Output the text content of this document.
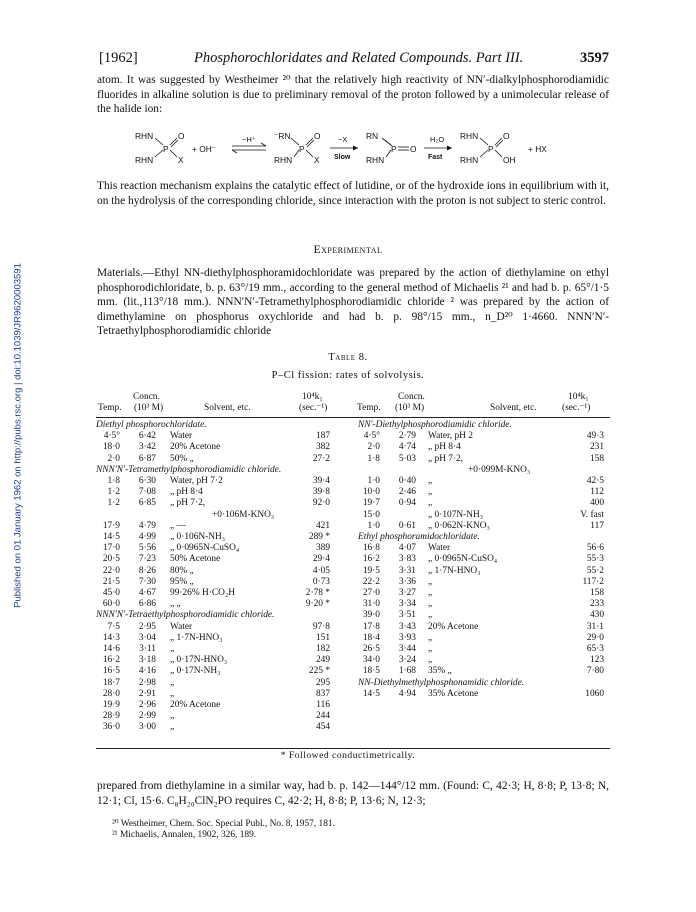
Published on 01 January 1962 on http://pubs.rsc.org | doi:10.1039/JR9620003591
[1962]	Phosphorochloridates and Related Compounds. Part III.	3597
atom. It was suggested by Westheimer ²⁰ that the relatively high reactivity of NN′-dialkylphosphorodiamidic fluorides in alkaline solution is due to preliminary removal of the proton followed by a unimolecular release of the halide ion:
RHN
RHN
P
O
X
+ OH⁻
−H⁺ ⁻RN
RHN
P
O
X
−X
Slow
RN
RHN
P O
H₂O
Fast
RHN
RHN
P
O
OH
+ HX
This reaction mechanism explains the catalytic effect of lutidine, or of the hydroxide ions in equilibrium with it, on the hydrolysis of the corresponding chloride, since interaction with the proton is not subject to steric control.
Experimental
Materials.—Ethyl NN-diethylphosphoramidochloridate was prepared by the action of diethylamine on ethyl phosphorodichloridate, b. p. 63°/19 mm., according to the general method of Michaelis ²¹ and had b. p. 65°/1·5 mm. (lit.,113°/18 mm.). NNN′N′-Tetramethylphosphorodiamidic chloride ² was prepared by the action of dimethylamine on phosphorus oxychloride and had b. p. 98°/15 mm., n_D²⁰ 1·4660. NNN′N′-Tetraethylphosphorodiamidic chloride
Table 8.
P–Cl fission: rates of solvolysis.
Concn.
Temp. (10³ M)	Solvent, etc.
10⁴k₁
(sec.⁻¹)
Concn.
Temp. (10³ M)	Solvent, etc.
10⁴k₁
(sec.⁻¹)
Diethyl phosphorochloridate.
4·5°	6·42 Water	187
18·0	3·42 20% Acetone	382
2·0	6·87 50% „	27·2
NNN′N′-Tetramethylphosphorodiamidic chloride.
1·8	6·30 Water, pH 7·2	39·4
1·2	7·08 „ pH 8·4	39·8
1·2	6·85 „ pH 7·2,	92·0
+0·106M-KNO₃
17·9	4·79 „ —	421
14·5	4·99 „ 0·106N-NH₃	289 *
17·0	5·56 „ 0·0965N-CuSO₄	389
20·5	7·23 50% Acetone	29·4
22·0	8·26 80% „	4·05
21·5	7·30 95% „	0·73
45·0	4·67 99·26% H·CO₂H	2·78 *
60·0	6·86 „ „	9·20 *
NNN′N′-Tetraethylphosphorodiamidic chloride.
7·5	2·95 Water	97·8
14·3	3·04 „ 1·7N-HNO₃	151
14·6	3·11 „	182
16·2	3·18 „ 0·17N-HNO₃	249
16·5	4·16 „ 0·17N-NH₃	225 *
18·7	2·98 „	295
28·0	2·91 „	837
19·9	2·96 20% Acetone	116
28·9	2·99 „	244
36·0	3·00 „	454
NN′-Diethylphosphorodiamidic chloride.
4·5°	2·79 Water, pH 2	49·3
2·0	4·74 „ pH 8·4	231
1·8	5·03 „ pH 7·2,	158
+0·099M-KNO₃
1·0	0·40 „	42·5
10·0	2·46 „	112
19·7	0·94 „	400
15·0	„ 0·107N-NH₃	V. fast
1·0	0·61 „ 0·062N-KNO₃	117
Ethyl phosphoramidochloridate.
16·8	4·07 Water	56·6
16·2	3·83 „ 0·0965N-CuSO₄	55·3
19·5	3·31 „ 1·7N-HNO₃	55·2
22·2	3·36 „	117·2
27·0	3·27 „	158
31·0	3·34 „	233
39·0	3·51 „	430
17·8	3·43 20% Acetone	31·1
18·4	3·93 „	29·0
26·5	3·44 „	65·3
34·0	3·24 „	123
18·5	1·68 35% „	7·80
NN-Diethylmethylphosphonamidic chloride.
14·5	4·94 35% Acetone	1060
* Followed conductimetrically.
prepared from diethylamine in a similar way, had b. p. 142—144°/12 mm. (Found: C, 42·3; H, 8·8; P, 13·8; N, 12·1; Cl, 15·6. C₈H₂₀ClN₂PO requires C, 42·2; H, 8·8; P, 13·6; N, 12·3;
²⁰ Westheimer, Chem. Soc. Special Publ., No. 8, 1957, 181.
²¹ Michaelis, Annalen, 1902, 326, 189.
